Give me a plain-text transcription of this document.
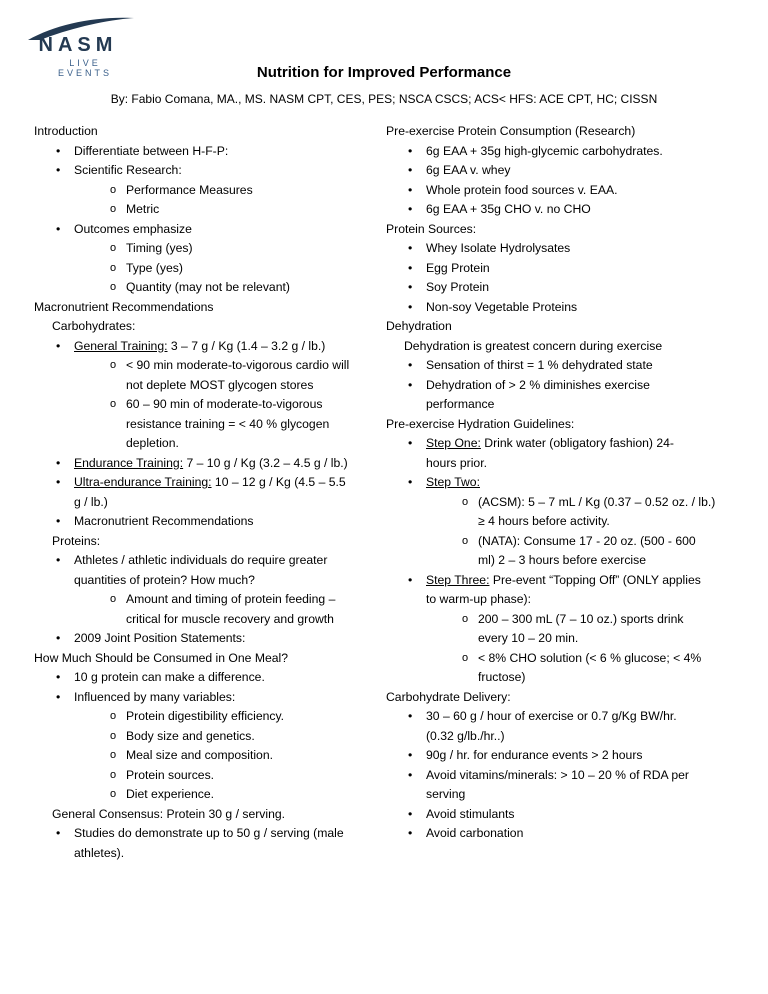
NASM
LIVE EVENTS	Nutrition for Improved Performance
By: Fabio Comana, MA., MS. NASM CPT, CES, PES; NSCA CSCS; ACS< HFS: ACE CPT, HC; CISSN
Introduction
• Differentiate between H-F-P:
• Scientific Research:
o Performance Measures
o Metric
• Outcomes emphasize
o Timing (yes)
o Type (yes)
o Quantity (may not be relevant)
Macronutrient Recommendations
Carbohydrates:
• General Training: 3 – 7 g / Kg (1.4 – 3.2 g / lb.)
o < 90 min moderate-to-vigorous cardio will
not deplete MOST glycogen stores
o 60 – 90 min of moderate-to-vigorous
resistance training = < 40 % glycogen
depletion.
• Endurance Training: 7 – 10 g / Kg (3.2 – 4.5 g / lb.)
• Ultra-endurance Training: 10 – 12 g / Kg (4.5 – 5.5
g / lb.)
• Macronutrient Recommendations
Proteins:
• Athletes / athletic individuals do require greater
quantities of protein? How much?
o Amount and timing of protein feeding –
critical for muscle recovery and growth
• 2009 Joint Position Statements:
How Much Should be Consumed in One Meal?
• 10 g protein can make a difference.
• Influenced by many variables:
o Protein digestibility efficiency.
o Body size and genetics.
o Meal size and composition.
o Protein sources.
o Diet experience.
General Consensus: Protein 30 g / serving.
• Studies do demonstrate up to 50 g / serving (male
athletes).
Pre-exercise Protein Consumption (Research)
• 6g EAA + 35g high-glycemic carbohydrates.
• 6g EAA v. whey
• Whole protein food sources v. EAA.
• 6g EAA + 35g CHO v. no CHO
Protein Sources:
• Whey Isolate Hydrolysates
• Egg Protein
• Soy Protein
• Non-soy Vegetable Proteins
Dehydration
Dehydration is greatest concern during exercise
• Sensation of thirst = 1 % dehydrated state
• Dehydration of > 2 % diminishes exercise
performance
Pre-exercise Hydration Guidelines:
• Step One: Drink water (obligatory fashion) 24-
hours prior.
• Step Two:
o (ACSM): 5 – 7 mL / Kg (0.37 – 0.52 oz. / lb.)
≥ 4 hours before activity.
o (NATA): Consume 17 - 20 oz. (500 - 600
ml) 2 – 3 hours before exercise
• Step Three: Pre-event “Topping Off” (ONLY applies
to warm-up phase):
o 200 – 300 mL (7 – 10 oz.) sports drink
every 10 – 20 min.
o < 8% CHO solution (< 6 % glucose; < 4%
fructose)
Carbohydrate Delivery:
• 30 – 60 g / hour of exercise or 0.7 g/Kg BW/hr.
(0.32 g/lb./hr..)
• 90g / hr. for endurance events > 2 hours
• Avoid vitamins/minerals: > 10 – 20 % of RDA per
serving
• Avoid stimulants
• Avoid carbonation
